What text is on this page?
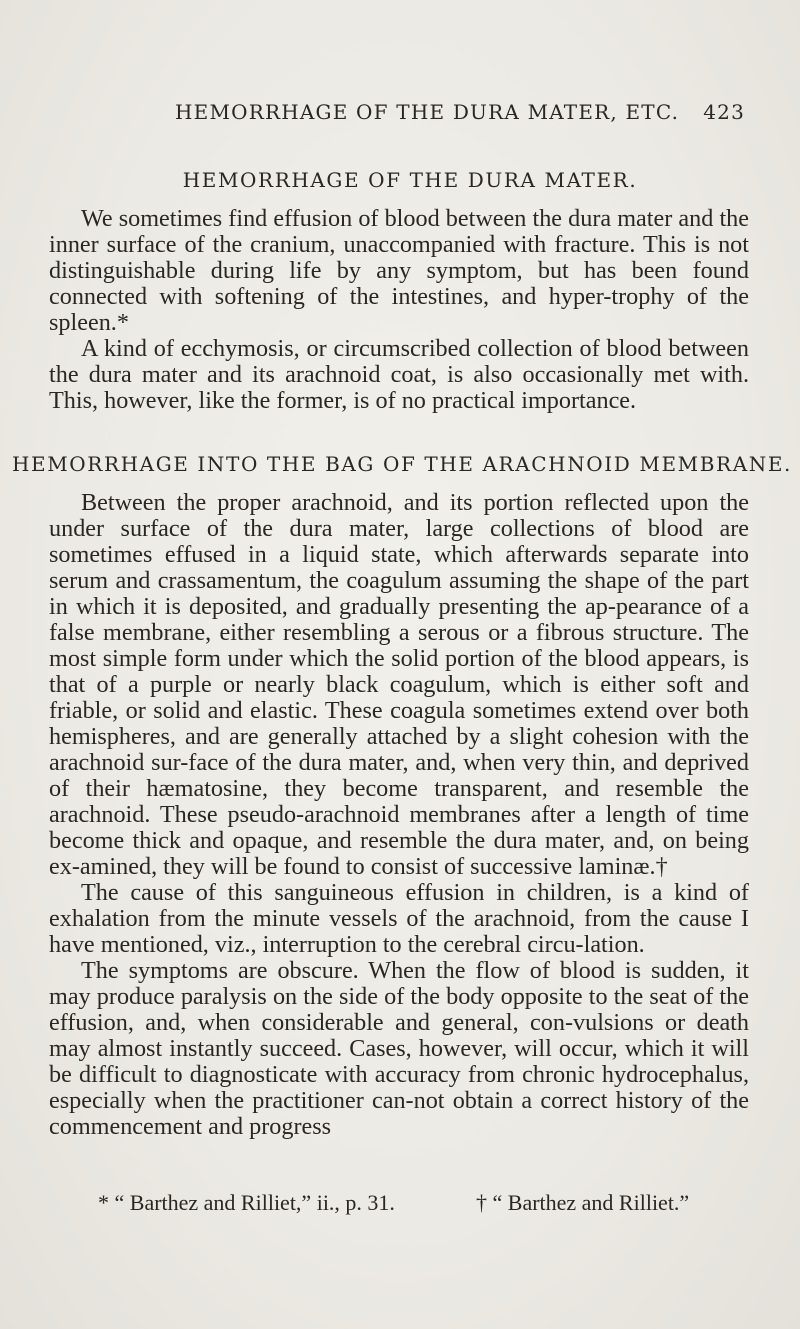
HEMORRHAGE OF THE DURA MATER, ETC. 423
HEMORRHAGE OF THE DURA MATER.

We sometimes find effusion of blood between the dura mater and the inner surface of the cranium, unaccompanied with fracture. This is not distinguishable during life by any symptom, but has been found connected with softening of the intestines, and hyper-trophy of the spleen.*

A kind of ecchymosis, or circumscribed collection of blood between the dura mater and its arachnoid coat, is also occasionally met with. This, however, like the former, is of no practical importance.

HEMORRHAGE INTO THE BAG OF THE ARACHNOID MEMBRANE.

Between the proper arachnoid, and its portion reflected upon the under surface of the dura mater, large collections of blood are sometimes effused in a liquid state, which afterwards separate into serum and crassamentum, the coagulum assuming the shape of the part in which it is deposited, and gradually presenting the ap-pearance of a false membrane, either resembling a serous or a fibrous structure. The most simple form under which the solid portion of the blood appears, is that of a purple or nearly black coagulum, which is either soft and friable, or solid and elastic. These coagula sometimes extend over both hemispheres, and are generally attached by a slight cohesion with the arachnoid sur-face of the dura mater, and, when very thin, and deprived of their hæmatosine, they become transparent, and resemble the arachnoid. These pseudo-arachnoid membranes after a length of time become thick and opaque, and resemble the dura mater, and, on being ex-amined, they will be found to consist of successive laminæ.†

The cause of this sanguineous effusion in children, is a kind of exhalation from the minute vessels of the arachnoid, from the cause I have mentioned, viz., interruption to the cerebral circu-lation.

The symptoms are obscure. When the flow of blood is sudden, it may produce paralysis on the side of the body opposite to the seat of the effusion, and, when considerable and general, con-vulsions or death may almost instantly succeed. Cases, however, will occur, which it will be difficult to diagnosticate with accuracy from chronic hydrocephalus, especially when the practitioner can-not obtain a correct history of the commencement and progress

* “ Barthez and Rilliet,” ii., p. 31.	† “ Barthez and Rilliet.”
